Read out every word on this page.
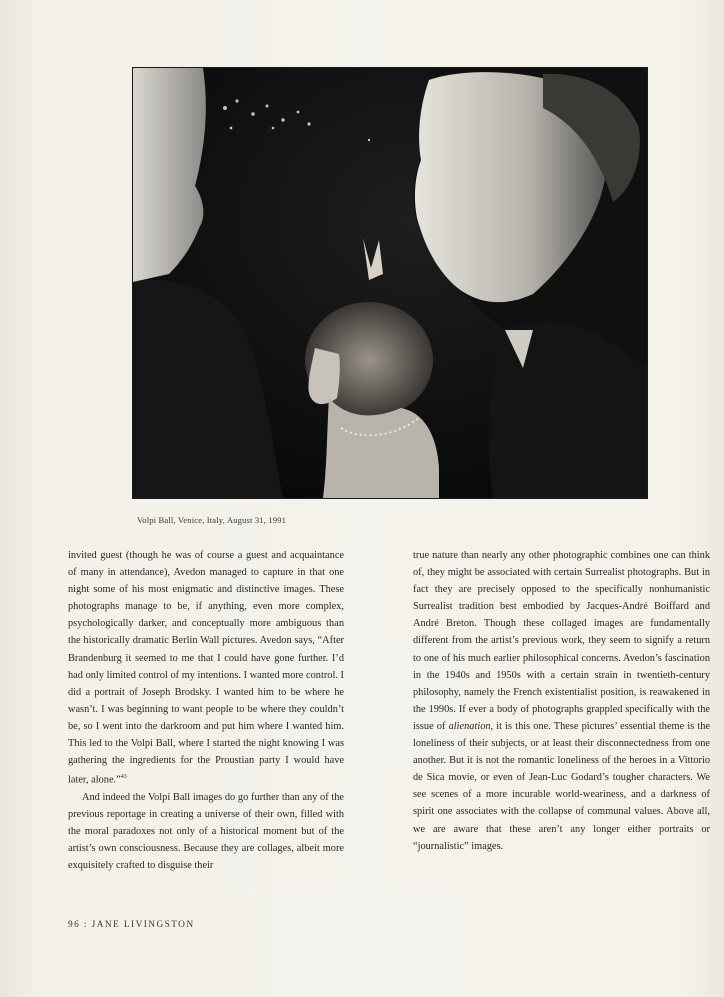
Volpi Ball, Venice, Italy, August 31, 1991

invited guest (though he was of course a guest and acquaintance of many in attendance), Avedon managed to capture in that one night some of his most enigmatic and distinctive images. These photographs manage to be, if anything, even more complex, psychologically darker, and conceptually more ambiguous than the historically dramatic Berlin Wall pictures. Avedon says, “After Brandenburg it seemed to me that I could have gone further. I’d had only limited control of my intentions. I wanted more control. I did a portrait of Joseph Brodsky. I wanted him to be where he wasn’t. I was beginning to want people to be where they couldn’t be, so I went into the darkroom and put him where I wanted him. This led to the Volpi Ball, where I started the night knowing I was gathering the ingredients for the Proustian party I would have later, alone.”$^{43}$

And indeed the Volpi Ball images do go further than any of the previous reportage in creating a universe of their own, filled with the moral paradoxes not only of a historical moment but of the artist’s own consciousness. Because they are collages, albeit more exquisitely crafted to disguise their

true nature than nearly any other photographic combines one can think of, they might be associated with certain Surrealist photographs. But in fact they are precisely opposed to the specifically nonhumanistic Surrealist tradition best embodied by Jacques-André Boiffard and André Breton. Though these collaged images are fundamentally different from the artist’s previous work, they seem to signify a return to one of his much earlier philosophical concerns. Avedon’s fascination in the 1940s and 1950s with a certain strain in twentieth-century philosophy, namely the French existentialist position, is reawakened in the 1990s. If ever a body of photographs grappled specifically with the issue of alienation, it is this one. These pictures’ essential theme is the loneliness of their subjects, or at least their disconnectedness from one another. But it is not the romantic loneliness of the heroes in a Vittorio de Sica movie, or even of Jean-Luc Godard’s tougher characters. We see scenes of a more incurable world-weariness, and a darkness of spirit one associates with the collapse of communal values. Above all, we are aware that these aren’t any longer either portraits or “journalistic” images.

96 : JANE LIVINGSTON
